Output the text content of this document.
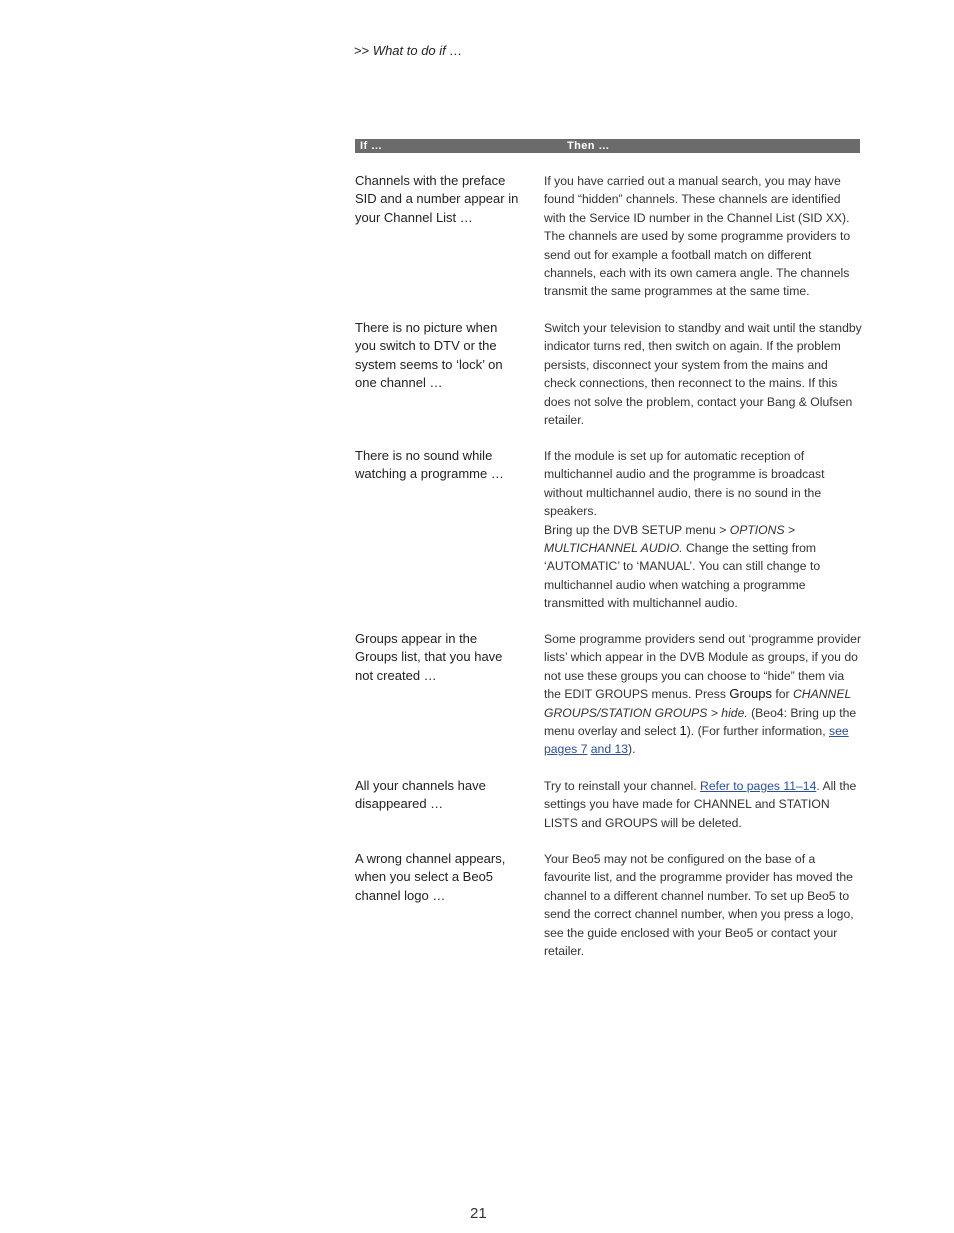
>> What to do if …
If …	Then …
Channels with the preface SID and a number appear in your Channel List …
If you have carried out a manual search, you may have found “hidden” channels. These channels are identified with the Service ID number in the Channel List (SID XX). The channels are used by some programme providers to send out for example a football match on different channels, each with its own camera angle. The channels transmit the same programmes at the same time.
There is no picture when you switch to DTV or the system seems to ‘lock’ on one channel …
Switch your television to standby and wait until the standby indicator turns red, then switch on again. If the problem persists, disconnect your system from the mains and check connections, then reconnect to the mains. If this does not solve the problem, contact your Bang & Olufsen retailer.
There is no sound while watching a programme …

If the module is set up for automatic reception of multichannel audio and the programme is broadcast without multichannel audio, there is no sound in the speakers.

Bring up the DVB SETUP menu > OPTIONS > MULTICHANNEL AUDIO. Change the setting from ‘AUTOMATIC’ to ‘MANUAL’. You can still change to multichannel audio when watching a programme transmitted with multichannel audio.

Groups appear in the Groups list, that you have not created …
Some programme providers send out ‘programme provider lists’ which appear in the DVB Module as groups, if you do not use these groups you can choose to “hide” them via the EDIT GROUPS menus. Press Groups for CHANNEL GROUPS/STATION GROUPS > hide. (Beo4: Bring up the menu overlay and select 1). (For further information, see pages 7 and 13).
All your channels have disappeared …
Try to reinstall your channel. Refer to pages 11–14. All the settings you have made for CHANNEL and STATION LISTS and GROUPS will be deleted.
A wrong channel appears, when you select a Beo5 channel logo …
Your Beo5 may not be configured on the base of a favourite list, and the programme provider has moved the channel to a different channel number. To set up Beo5 to send the correct channel number, when you press a logo, see the guide enclosed with your Beo5 or contact your retailer.
21
